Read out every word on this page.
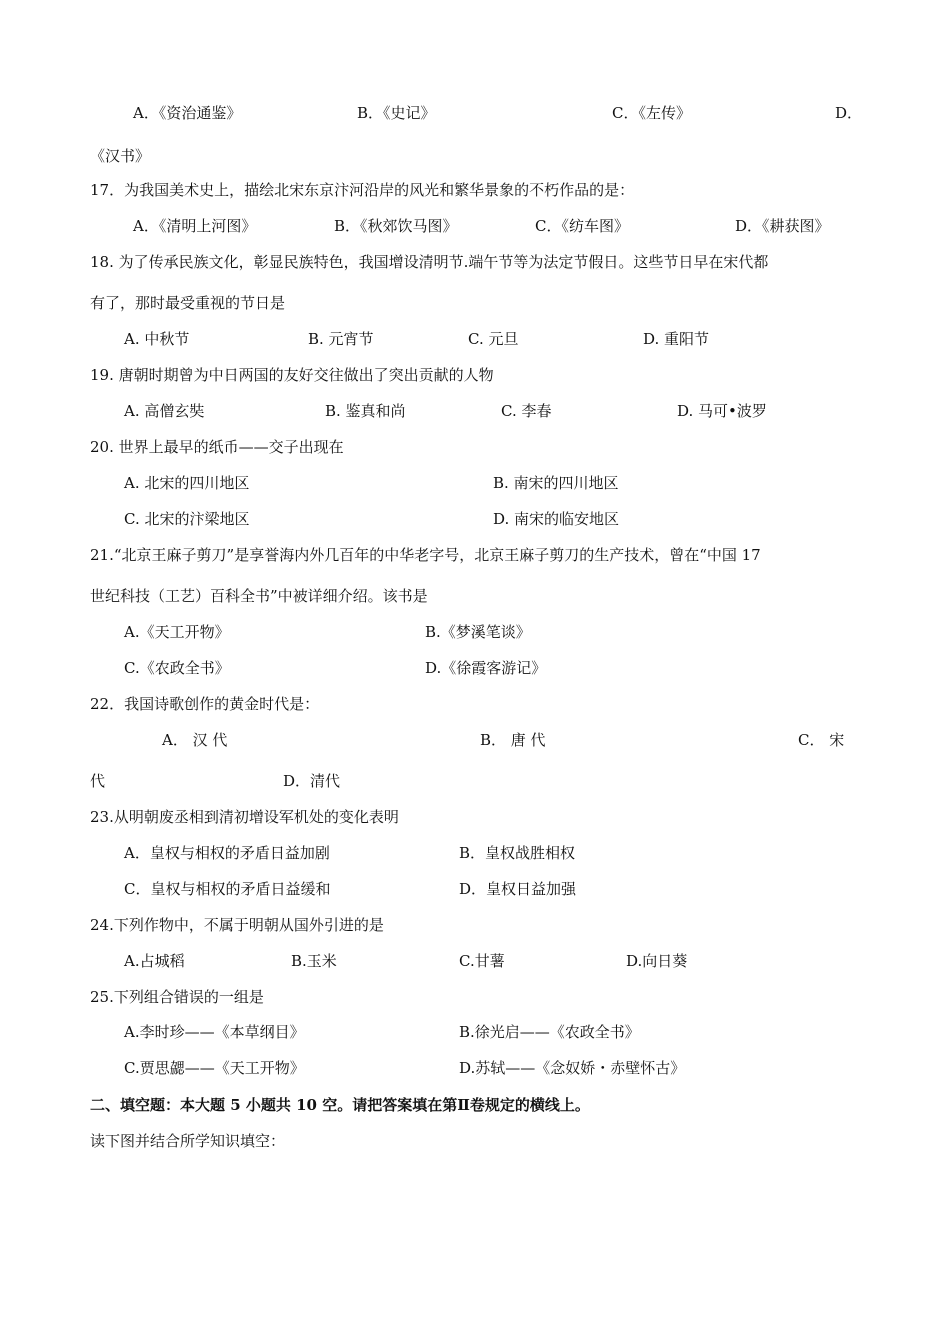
A．《资治通鉴》	B．《史记》	C．《左传》	D．
《汉书》
17．为我国美术史上，描绘北宋东京汴河沿岸的风光和繁华景象的不朽作品的是：
A．《清明上河图》	B．《秋郊饮马图》	C．《纺车图》	D．《耕获图》
18. 为了传承民族文化，彰显民族特色，我国增设清明节.端午节等为法定节假日。这些节日早在宋代都
有了，那时最受重视的节日是
A. 中秋节	B. 元宵节	C. 元旦	D. 重阳节
19. 唐朝时期曾为中日两国的友好交往做出了突出贡献的人物
A. 高僧玄奘	B. 鉴真和尚	C. 李春	D. 马可•波罗
20. 世界上最早的纸币——交子出现在
A. 北宋的四川地区	B. 南宋的四川地区
C. 北宋的汴梁地区	D. 南宋的临安地区
21.“北京王麻子剪刀”是享誉海内外几百年的中华老字号，北京王麻子剪刀的生产技术，曾在“中国 17
世纪科技（工艺）百科全书”中被详细介绍。该书是
A.《天工开物》	B.《梦溪笔谈》
C.《农政全书》	D.《徐霞客游记》
22．我国诗歌创作的黄金时代是：
A． 汉 代	B． 唐 代	C． 宋
代	D．清代
23.从明朝废丞相到清初增设军机处的变化表明
A．皇权与相权的矛盾日益加剧	B．皇权战胜相权
C．皇权与相权的矛盾日益缓和	D．皇权日益加强
24.下列作物中，不属于明朝从国外引进的是
A.占城稻	B.玉米	C.甘薯	D.向日葵
25.下列组合错误的一组是
A.李时珍——《本草纲目》	B.徐光启——《农政全书》
C.贾思勰——《天工开物》	D.苏轼——《念奴娇・赤壁怀古》
二、填空题：本大题 5 小题共 10 空。请把答案填在第Ⅱ卷规定的横线上。
读下图并结合所学知识填空：
